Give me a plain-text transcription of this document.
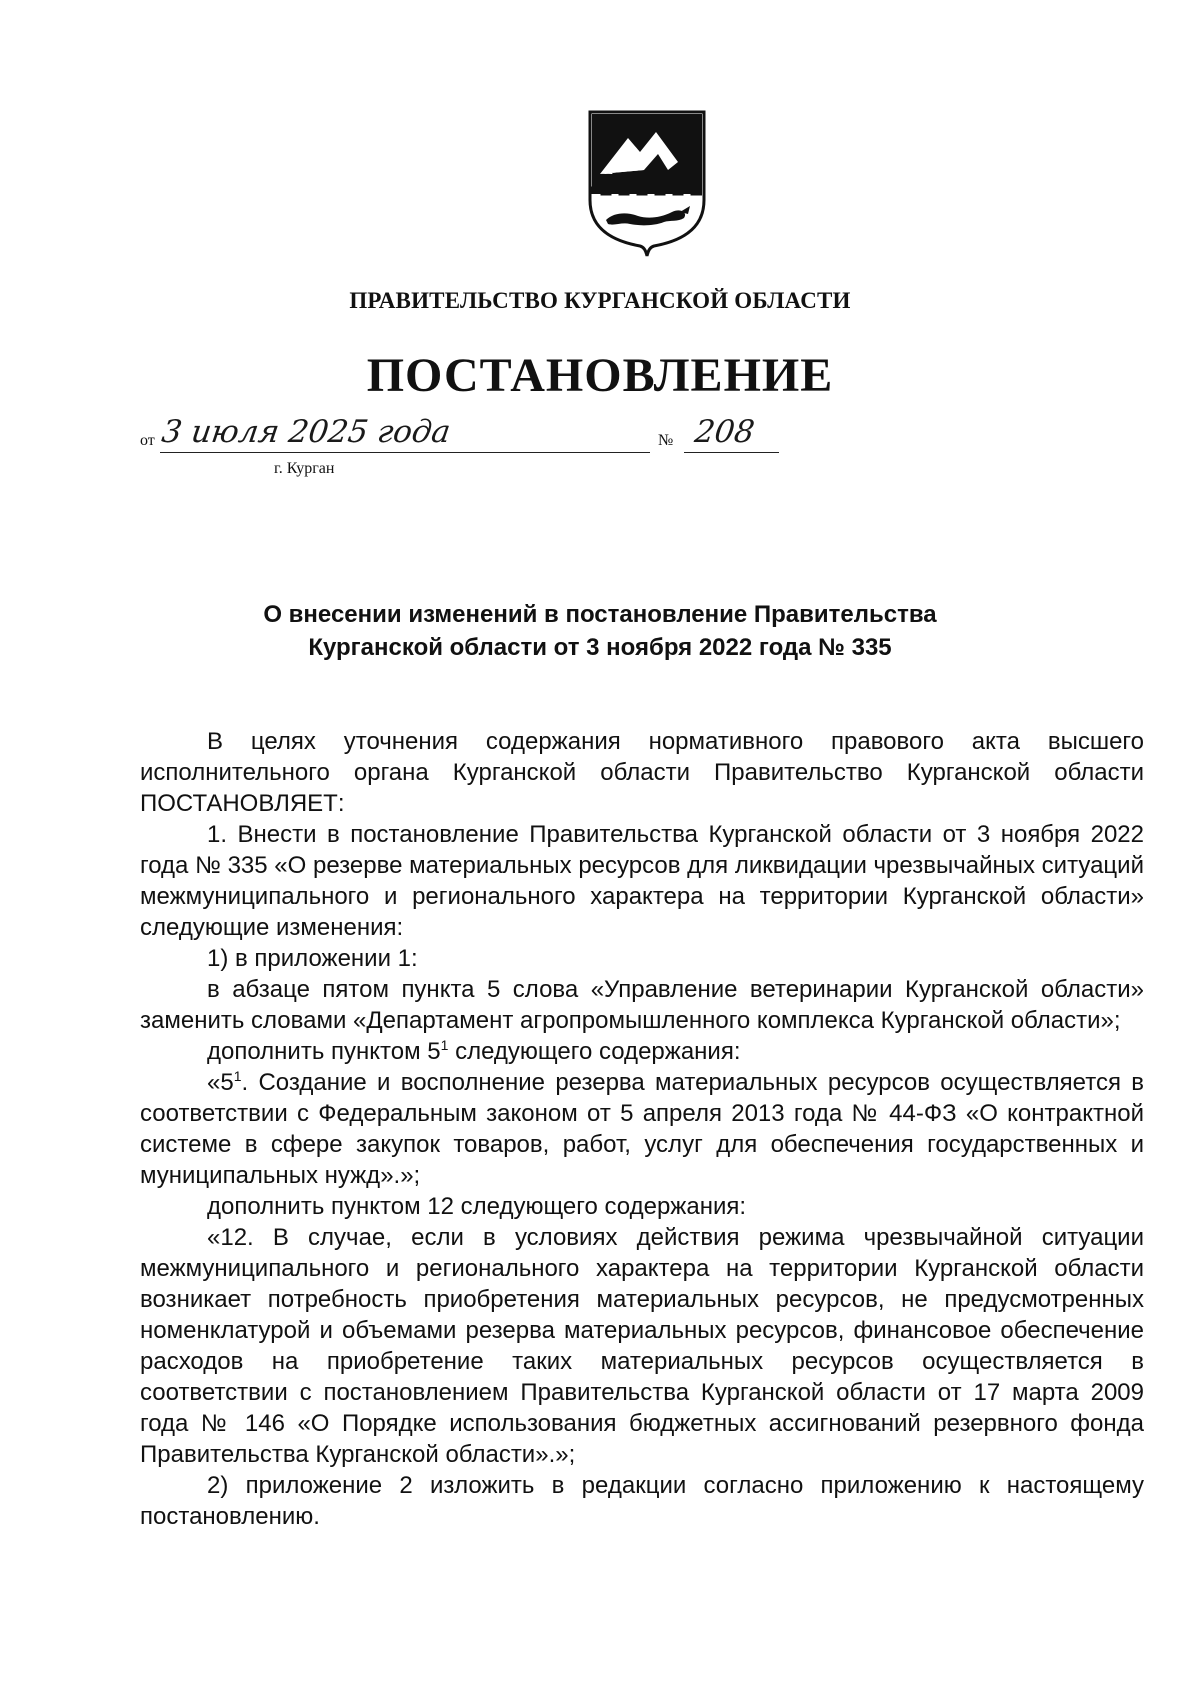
ПРАВИТЕЛЬСТВО КУРГАНСКОЙ ОБЛАСТИ
ПОСТАНОВЛЕНИЕ
от 3 июля 2025 года	№ 208
г. Курган
О внесении изменений в постановление Правительства
Курганской области от 3 ноября 2022 года № 335

В целях уточнения содержания нормативного правового акта высшего исполнительного органа Курганской области Правительство Курганской области ПОСТАНОВЛЯЕТ:

1. Внести в постановление Правительства Курганской области от 3 ноября 2022 года № 335 «О резерве материальных ресурсов для ликвидации чрезвычайных ситуаций межмуниципального и регионального характера на территории Курганской области» следующие изменения:

1) в приложении 1:

в абзаце пятом пункта 5 слова «Управление ветеринарии Курганской области» заменить словами «Департамент агропромышленного комплекса Курганской области»;

дополнить пунктом $5^1$ следующего содержания:

«$5^1$. Создание и восполнение резерва материальных ресурсов осуществляется в соответствии с Федеральным законом от 5 апреля 2013 года № 44-ФЗ «О контрактной системе в сфере закупок товаров, работ, услуг для обеспечения государственных и муниципальных нужд».»;

дополнить пунктом 12 следующего содержания:

«12. В случае, если в условиях действия режима чрезвычайной ситуации межмуниципального и регионального характера на территории Курганской области возникает потребность приобретения материальных ресурсов, не предусмотренных номенклатурой и объемами резерва материальных ресурсов, финансовое обеспечение расходов на приобретение таких материальных ресурсов осуществляется в соответствии с постановлением Правительства Курганской области от 17 марта 2009 года № 146 «О Порядке использования бюджетных ассигнований резервного фонда Правительства Курганской области».»;

2) приложение 2 изложить в редакции согласно приложению к настоящему постановлению.
